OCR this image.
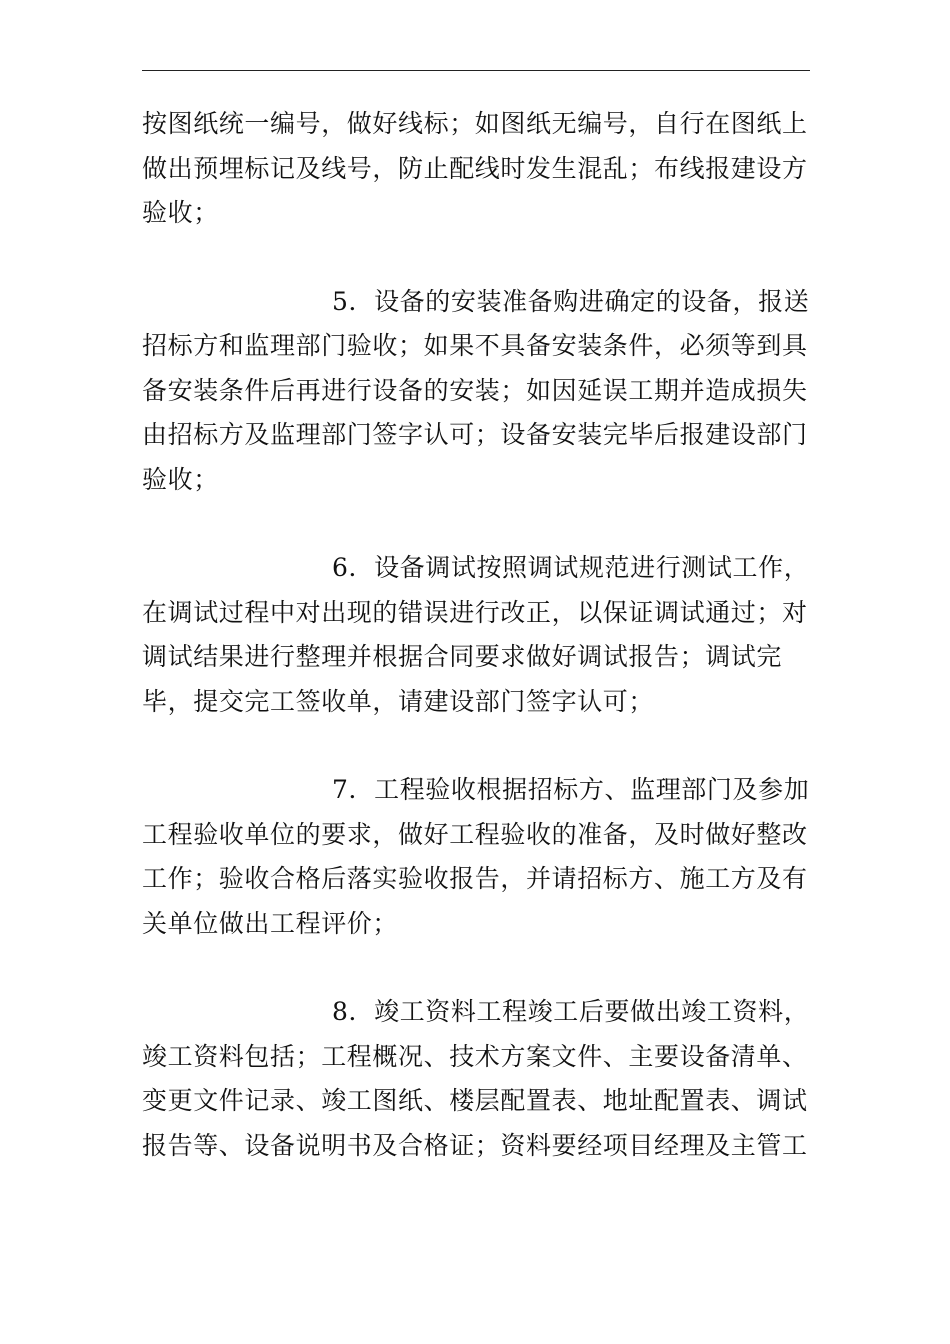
按图纸统一编号，做好线标；如图纸无编号，自行在图纸上做出预埋标记及线号，防止配线时发生混乱；布线报建设方验收；

5．设备的安装准备购进确定的设备，报送招标方和监理部门验收；如果不具备安装条件，必须等到具备安装条件后再进行设备的安装；如因延误工期并造成损失由招标方及监理部门签字认可；设备安装完毕后报建设部门验收；

6．设备调试按照调试规范进行测试工作，在调试过程中对出现的错误进行改正，以保证调试通过；对调试结果进行整理并根据合同要求做好调试报告；调试完毕，提交完工签收单，请建设部门签字认可；

7．工程验收根据招标方、监理部门及参加工程验收单位的要求，做好工程验收的准备，及时做好整改工作；验收合格后落实验收报告，并请招标方、施工方及有关单位做出工程评价；

8．竣工资料工程竣工后要做出竣工资料，竣工资料包括；工程概况、技术方案文件、主要设备清单、变更文件记录、竣工图纸、楼层配置表、地址配置表、调试报告等、设备说明书及合格证；资料要经项目经理及主管工
